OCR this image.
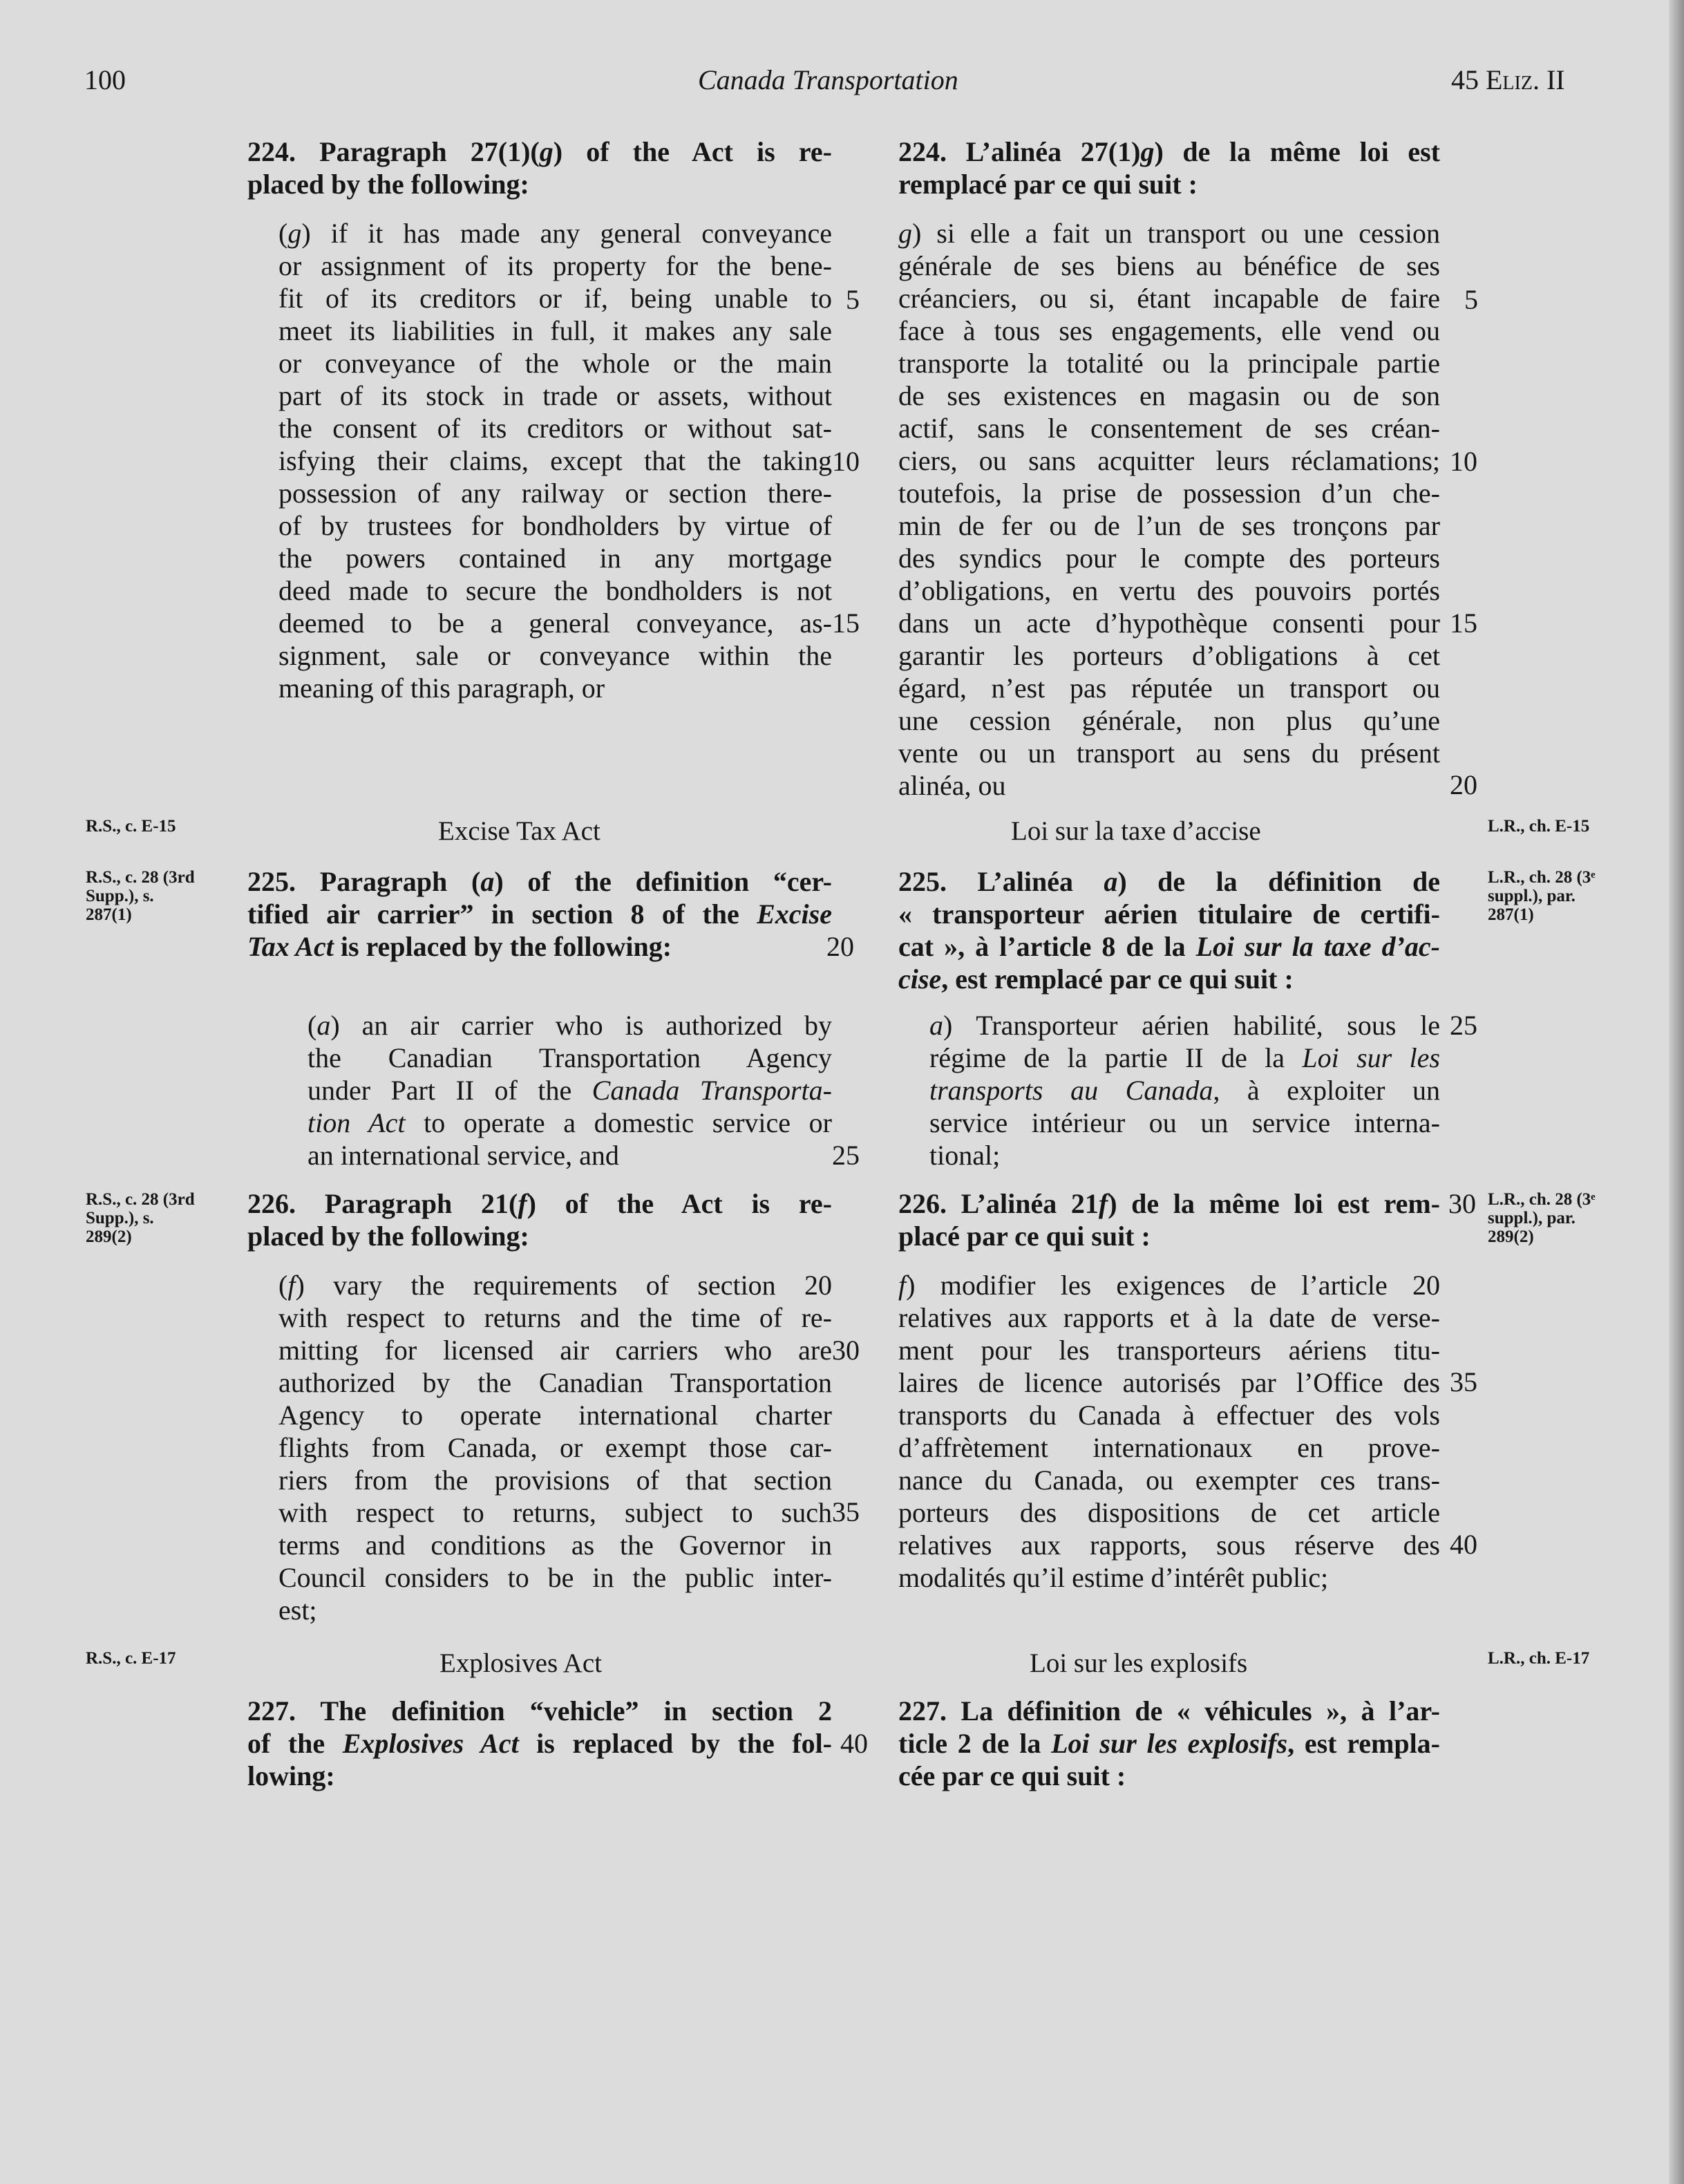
100	Canada Transportation	45 Eliz. II
224. Paragraph 27(1)(g) of the Act is re-
placed by the following:
(g) if it has made any general conveyance
or assignment of its property for the bene-
fit of its creditors or if, being unable to
meet its liabilities in full, it makes any sale
or conveyance of the whole or the main
part of its stock in trade or assets, without
the consent of its creditors or without sat-
isfying their claims, except that the taking
possession of any railway or section there-
of by trustees for bondholders by virtue of
the powers contained in any mortgage
deed made to secure the bondholders is not
deemed to be a general conveyance, as-
signment, sale or conveyance within the
meaning of this paragraph, or
Excise Tax Act
225. Paragraph (a) of the definition “cer-
tified air carrier” in section 8 of the Excise
Tax Act is replaced by the following:
(a) an air carrier who is authorized by
the Canadian Transportation Agency
under Part II of the Canada Transporta-
tion Act to operate a domestic service or
an international service, and
226. Paragraph 21(f) of the Act is re-
placed by the following:
(f) vary the requirements of section 20
with respect to returns and the time of re-
mitting for licensed air carriers who are
authorized by the Canadian Transportation
Agency to operate international charter
flights from Canada, or exempt those car-
riers from the provisions of that section
with respect to returns, subject to such
terms and conditions as the Governor in
Council considers to be in the public inter-
est;
Explosives Act
227. The definition “vehicle” in section 2
of the Explosives Act is replaced by the fol-
lowing:
224. L’alinéa 27(1)g) de la même loi est
remplacé par ce qui suit :
g) si elle a fait un transport ou une cession
générale de ses biens au bénéfice de ses
créanciers, ou si, étant incapable de faire
face à tous ses engagements, elle vend ou
transporte la totalité ou la principale partie
de ses existences en magasin ou de son
actif, sans le consentement de ses créan-
ciers, ou sans acquitter leurs réclamations;
toutefois, la prise de possession d’un che-
min de fer ou de l’un de ses tronçons par
des syndics pour le compte des porteurs
d’obligations, en vertu des pouvoirs portés
dans un acte d’hypothèque consenti pour
garantir les porteurs d’obligations à cet
égard, n’est pas réputée un transport ou
une cession générale, non plus qu’une
vente ou un transport au sens du présent
alinéa, ou
Loi sur la taxe d’accise
225. L’alinéa a) de la définition de
« transporteur aérien titulaire de certifi-
cat », à l’article 8 de la Loi sur la taxe d’ac-
cise, est remplacé par ce qui suit :
a) Transporteur aérien habilité, sous le
régime de la partie II de la Loi sur les
transports au Canada, à exploiter un
service intérieur ou un service interna-
tional;
226. L’alinéa 21f) de la même loi est rem-
placé par ce qui suit :
f) modifier les exigences de l’article 20
relatives aux rapports et à la date de verse-
ment pour les transporteurs aériens titu-
laires de licence autorisés par l’Office des
transports du Canada à effectuer des vols
d’affrètement internationaux en prove-
nance du Canada, ou exempter ces trans-
porteurs des dispositions de cet article
relatives aux rapports, sous réserve des
modalités qu’il estime d’intérêt public;
Loi sur les explosifs
227. La définition de « véhicules », à l’ar-
ticle 2 de la Loi sur les explosifs, est rempla-
cée par ce qui suit :
5
10
15
20
25
30
35
40
5
10
15
20
25
30
35
40
R.S., c. E-15
R.S., c. 28 (3rd
Supp.), s.
287(1)
R.S., c. 28 (3rd
Supp.), s.
289(2)
R.S., c. E-17
L.R., ch. E-15
L.R., ch. 28 (3ᵉ
suppl.), par.
287(1)
L.R., ch. 28 (3ᵉ
suppl.), par.
289(2)
L.R., ch. E-17
